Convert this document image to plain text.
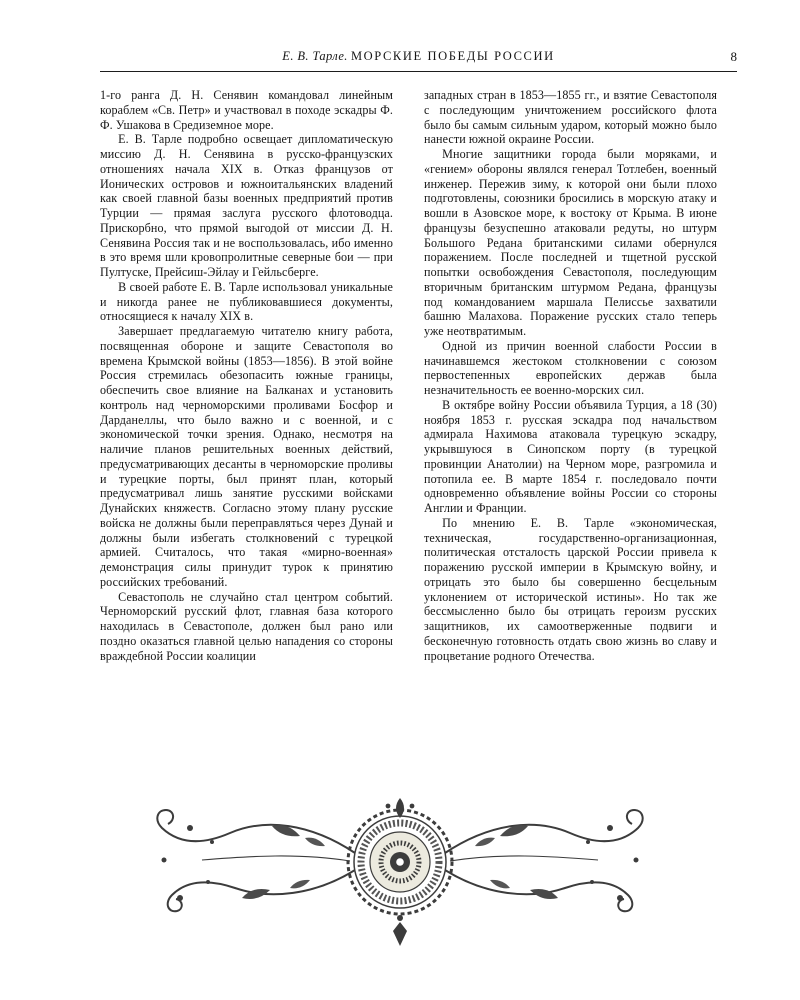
Е. В. Тарле. МОРСКИЕ ПОБЕДЫ РОССИИ	8

1-го ранга Д. Н. Сенявин командовал линейным кораблем «Св. Петр» и участвовал в походе эскадры Ф. Ф. Ушакова в Средиземное море.

Е. В. Тарле подробно освещает дипломатическую миссию Д. Н. Сенявина в русско-французских отношениях начала XIX в. Отказ французов от Ионических островов и южноитальянских владений как своей главной базы военных предприятий против Турции — прямая заслуга русского флотоводца. Прискорбно, что прямой выгодой от миссии Д. Н. Сенявина Россия так и не воспользовалась, ибо именно в это время шли кровопролитные северные бои — при Пултуске, Прейсиш-Эйлау и Гейльсберге.

В своей работе Е. В. Тарле использовал уникальные и никогда ранее не публиковавшиеся документы, относящиеся к началу XIX в.

Завершает предлагаемую читателю книгу работа, посвященная обороне и защите Севастополя во времена Крымской войны (1853—1856). В этой войне Россия стремилась обезопасить южные границы, обеспечить свое влияние на Балканах и установить контроль над черноморскими проливами Босфор и Дарданеллы, что было важно и с военной, и с экономической точки зрения. Однако, несмотря на наличие планов решительных военных действий, предусматривающих десанты в черноморские проливы и турецкие порты, был принят план, который предусматривал лишь занятие русскими войсками Дунайских княжеств. Согласно этому плану русские войска не должны были переправляться через Дунай и должны были избегать столкновений с турецкой армией. Считалось, что такая «мирно-военная» демонстрация силы принудит турок к принятию российских требований.

Севастополь не случайно стал центром событий. Черноморский русский флот, главная база которого находилась в Севастополе, должен был рано или поздно оказаться главной целью нападения со стороны враждебной России коалиции

западных стран в 1853—1855 гг., и взятие Севастополя с последующим уничтожением российского флота было бы самым сильным ударом, который можно было нанести южной окраине России.

Многие защитники города были моряками, и «гением» обороны являлся генерал Тотлебен, военный инженер. Пережив зиму, к которой они были плохо подготовлены, союзники бросились в морскую атаку и вошли в Азовское море, к востоку от Крыма. В июне французы безуспешно атаковали редуты, но штурм Большого Редана британскими силами обернулся поражением. После последней и тщетной русской попытки освобождения Севастополя, последующим вторичным британским штурмом Редана, французы под командованием маршала Пелиссье захватили башню Малахова. Поражение русских стало теперь уже неотвратимым.

Одной из причин военной слабости России в начинавшемся жестоком столкновении с союзом первостепенных европейских держав была незначительность ее военно-морских сил.

В октябре войну России объявила Турция, а 18 (30) ноября 1853 г. русская эскадра под начальством адмирала Нахимова атаковала турецкую эскадру, укрывшуюся в Синопском порту (в турецкой провинции Анатолии) на Черном море, разгромила и потопила ее. В марте 1854 г. последовало почти одновременно объявление войны России со стороны Англии и Франции.

По мнению Е. В. Тарле «экономическая, техническая, государственно-организационная, политическая отсталость царской России привела к поражению русской империи в Крымскую войну, и отрицать это было бы совершенно бесцельным уклонением от исторической истины». Но так же бессмысленно было бы отрицать героизм русских защитников, их самоотверженные подвиги и бесконечную готовность отдать свою жизнь во славу и процветание родного Отечества.
